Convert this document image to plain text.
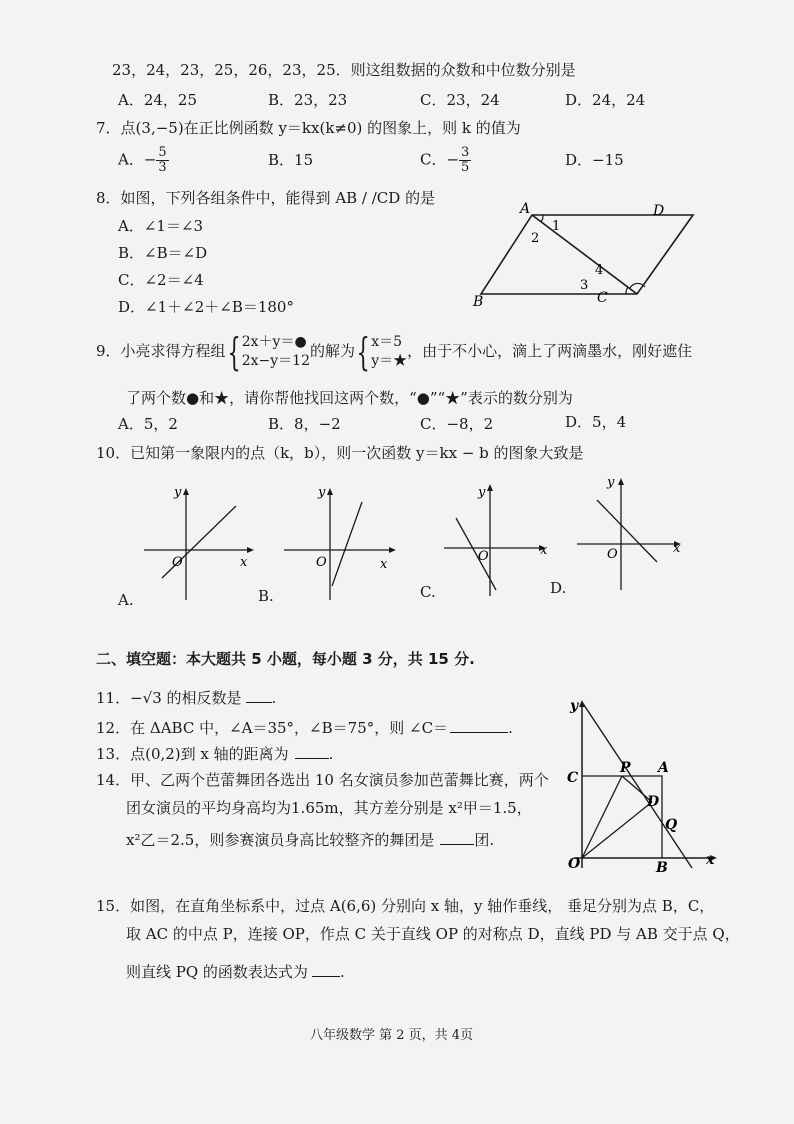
23，24，23，25，26，23，25．则这组数据的众数和中位数分别是
A．24，25	B．23，23	C．23，24	D．24，24
7．点(3,−5)在正比例函数 y＝kx(k≠0) 的图象上，则 k 的值为
A．− $\frac{5}{3}$	B．15	C．− $\frac{3}{5}$	D．−15
8．如图，下列各组条件中，能得到 AB / /CD 的是
A．∠1＝∠3
B．∠B＝∠D
C．∠2＝∠4
D．∠1＋∠2＋∠B＝180°
A	D
B	C
1
2
3
4
9．小亮求得方程组{ 2x＋y＝●
2x−y＝12
的解为{ x＝5
y＝★
，由于不小心，滴上了两滴墨水，刚好遮住
了两个数●和★，请你帮他找回这两个数，“●”“★”表示的数分别为
A．5，2	B．8，−2	C．−8，2	D．5，4
10．已知第一象限内的点（k，b），则一次函数 y＝kx − b 的图象大致是
y
x
O
A.
y
x
O
B.
y
x
O
C.
y
x
O
D.
二、填空题：本大题共 5 小题，每小题 3 分，共 15 分.
11．−√3 的相反数是 .
12．在 ΔABC 中，∠A＝35°，∠B＝75°，则 ∠C＝	.
13．点(0,2)到 x 轴的距离为	.
14．甲、乙两个芭蕾舞团各选出 10 名女演员参加芭蕾舞比赛，两个
团女演员的平均身高均为1.65m，其方差分别是 x²甲＝1.5，
x²乙＝2.5，则参赛演员身高比较整齐的舞团是	团.
y
x
O
C
P A
D
Q
B
15．如图，在直角坐标系中，过点 A(6,6) 分别向 x 轴，y 轴作垂线， 垂足分别为点 B，C，
取 AC 的中点 P，连接 OP，作点 C 关于直线 OP 的对称点 D，直线 PD 与 AB 交于点 Q，
则直线 PQ 的函数表达式为 .
八年级数学 第 2 页，共 4页
